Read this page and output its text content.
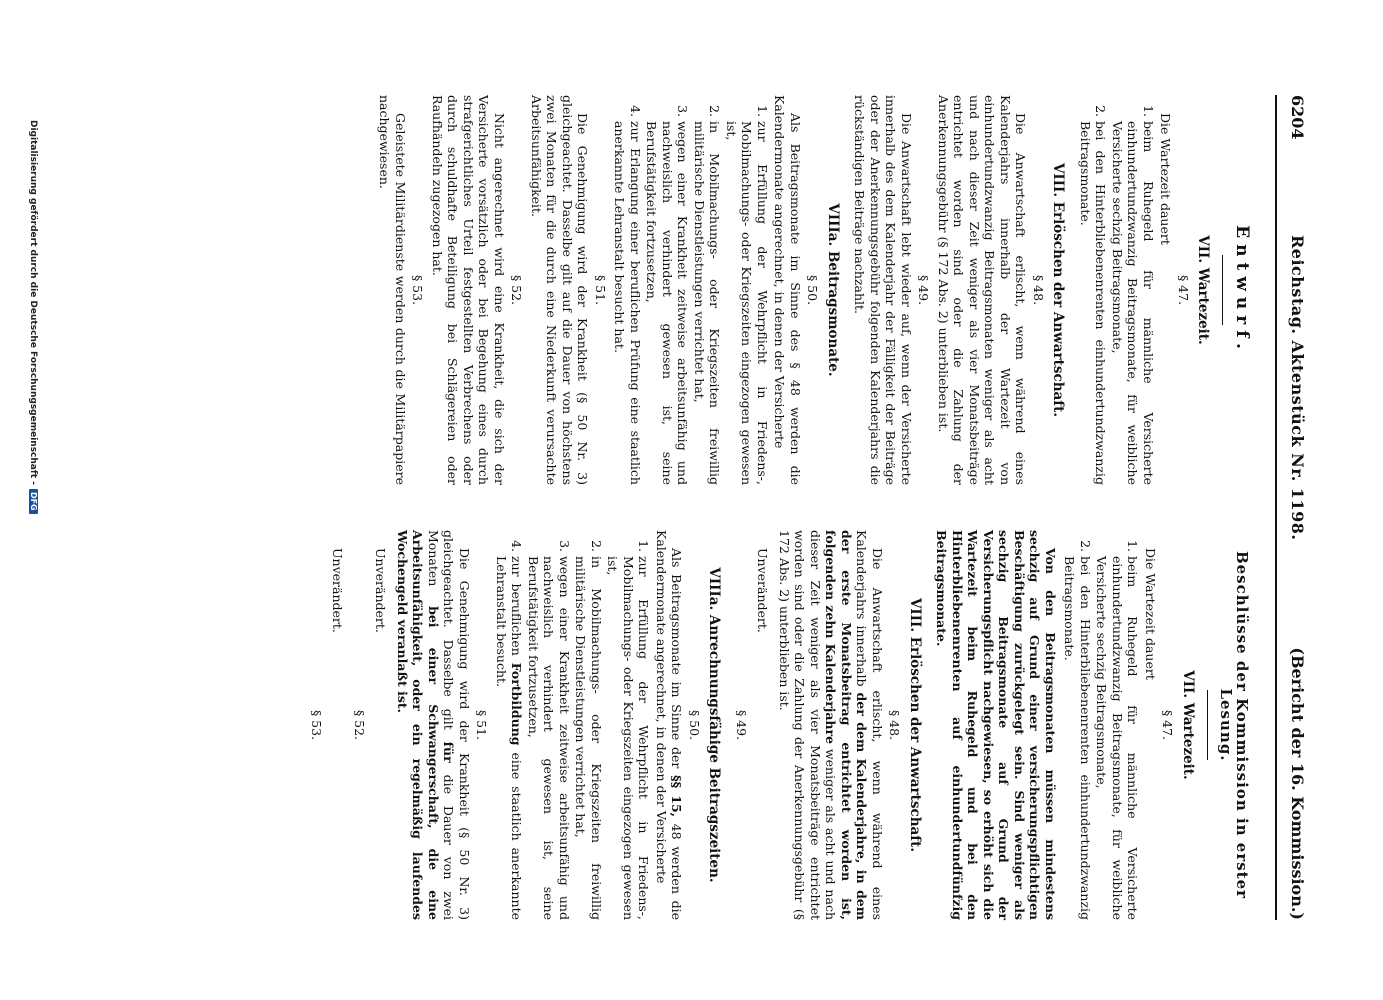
6204
Reichstag. Aktenstück Nr. 1198.
(Bericht der 16. Kommission.)
Entwurf.
VII. Wartezeit.
§ 47.

Die Wartezeit dauert

1. beim Ruhegeld für männliche Versicherte einhundertundzwanzig Beitragsmonate, für weibliche Versicherte sechzig Beitragsmonate,
2. bei den Hinterbliebenenrenten einhundertundzwanzig Beitragsmonate.
VIII. Erlöschen der Anwartschaft.
§ 48.

Die Anwartschaft erlischt, wenn während eines Kalenderjahrs innerhalb der Wartezeit von einhundertundzwanzig Beitragsmonaten weniger als acht und nach dieser Zeit weniger als vier Monatsbeiträge entrichtet worden sind oder die Zahlung der Anerkennungsgebühr (§ 172 Abs. 2) unterblieben ist.

§ 49.

Die Anwartschaft lebt wieder auf, wenn der Versicherte innerhalb des dem Kalenderjahr der Fälligkeit der Beiträge oder der Anerkennungsgebühr folgenden Kalenderjahrs die rückständigen Beiträge nachzahlt.

VIIIa. Beitragsmonate.
§ 50.

Als Beitragsmonate im Sinne des § 48 werden die Kalendermonate angerechnet, in denen der Versicherte

1. zur Erfüllung der Wehrpflicht in Friedens-, Mobilmachungs- oder Kriegszeiten eingezogen gewesen ist,
2. in Mobilmachungs- oder Kriegszeiten freiwillig militärische Dienstleistungen verrichtet hat,
3. wegen einer Krankheit zeitweise arbeitsunfähig und nachweislich verhindert gewesen ist, seine Berufstätigkeit fortzusetzen,
4. zur Erlangung einer beruflichen Prüfung eine staatlich anerkannte Lehranstalt besucht hat.
§ 51.

Die Genehmigung wird der Krankheit (§ 50 Nr. 3) gleichgeachtet. Dasselbe gilt auf die Dauer von höchstens zwei Monaten für die durch eine Niederkunft verursachte Arbeitsunfähigkeit.

§ 52.

Nicht angerechnet wird eine Krankheit, die sich der Versicherte vorsätzlich oder bei Begehung eines durch strafgerichtliches Urteil festgestellten Verbrechens oder durch schuldhafte Beteiligung bei Schlägereien oder Raufhändeln zugezogen hat.

§ 53.

Geleistete Militärdienste werden durch die Militärpapiere nachgewiesen.

Beschlüsse der Kommission in erster Lesung.
VII. Wartezeit.
§ 47.

Die Wartezeit dauert

1. beim Ruhegeld für männliche Versicherte einhundertundzwanzig Beitragsmonate, für weibliche Versicherte sechzig Beitragsmonate,
2. bei den Hinterbliebenenrenten einhundertundzwanzig Beitragsmonate.

Von den Beitragsmonaten müssen mindestens sechzig auf Grund einer versicherungspflichtigen Beschäftigung zurückgelegt sein. Sind weniger als sechzig Beitragsmonate auf Grund der Versicherungspflicht nachgewiesen, so erhöht sich die Wartezeit beim Ruhegeld und bei den Hinterbliebenenrenten auf einhundertundfünfzig Beitragsmonate.

VIII. Erlöschen der Anwartschaft.
§ 48.

Die Anwartschaft erlischt, wenn während eines Kalenderjahrs innerhalb der dem Kalenderjahre, in dem der erste Monatsbeitrag entrichtet worden ist, folgenden zehn Kalenderjahre weniger als acht und nach dieser Zeit weniger als vier Monatsbeiträge entrichtet worden sind oder die Zahlung der Anerkennungsgebühr (§ 172 Abs. 2) unterblieben ist.

Unverändert.
§ 49.
VIIIa. Anrechnungsfähige Beitragszeiten.
§ 50.

Als Beitragsmonate im Sinne der §§ 15, 48 werden die Kalendermonate angerechnet, in denen der Versicherte

1. zur Erfüllung der Wehrpflicht in Friedens-, Mobilmachungs- oder Kriegszeiten eingezogen gewesen ist,
2. in Mobilmachungs- oder Kriegszeiten freiwillig militärische Dienstleistungen verrichtet hat,
3. wegen einer Krankheit zeitweise arbeitsunfähig und nachweislich verhindert gewesen ist, seine Berufstätigkeit fortzusetzen,
4. zur beruflichen Fortbildung eine staatlich anerkannte Lehranstalt besucht.
§ 51.

Die Genehmigung wird der Krankheit (§ 50 Nr. 3) gleichgeachtet. Dasselbe gilt für die Dauer von zwei Monaten bei einer Schwangerschaft, die eine Arbeitsunfähigkeit, oder ein regelmäßig laufendes Wochengeld veranlaßt ist.

Unverändert.
§ 52.
Unverändert.
§ 53.
Digitalisierung gefördert durch die Deutsche Forschungsgemeinschaft -DFG
